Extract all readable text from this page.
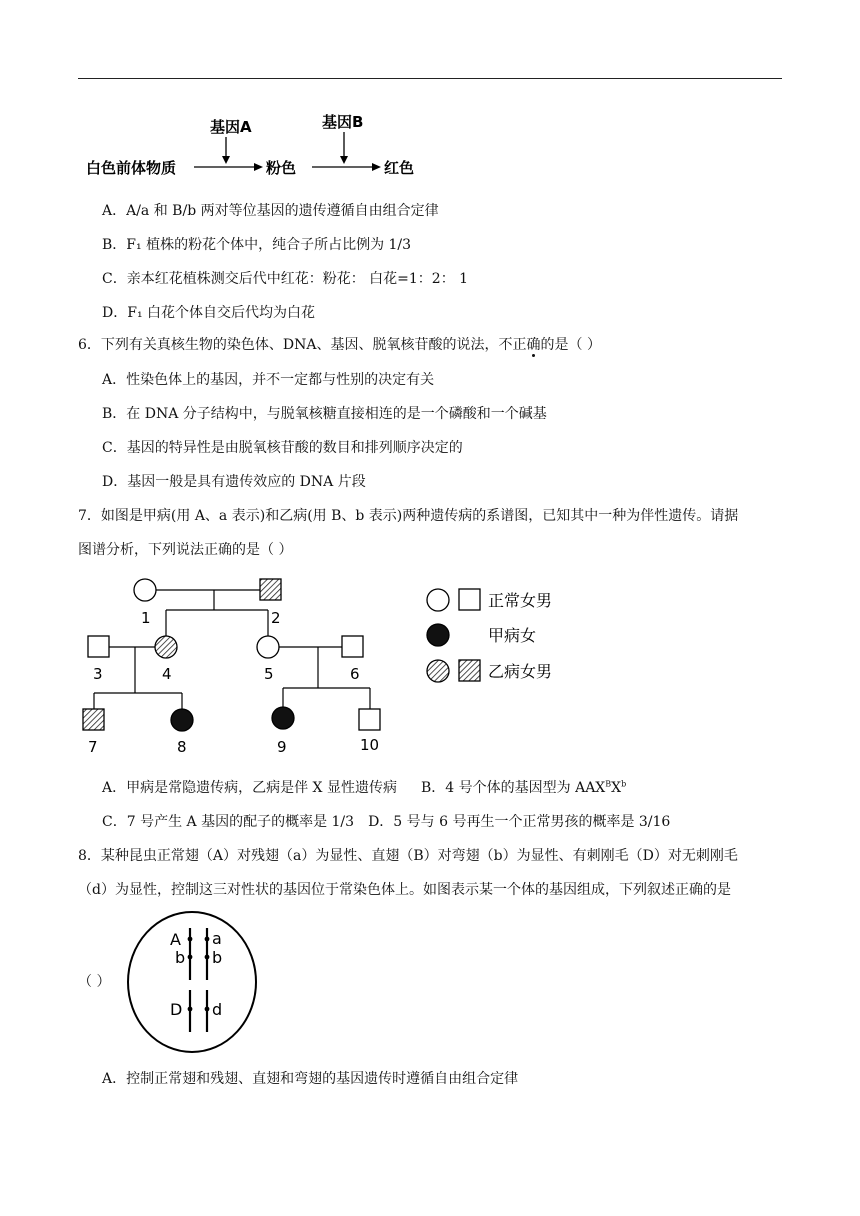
基因A	基因B
白色前体物质	粉色	红色
A．A/a 和 B/b 两对等位基因的遗传遵循自由组合定律
B．F₁ 植株的粉花个体中，纯合子所占比例为 1/3
C．亲本红花植株测交后代中红花：粉花： 白花=1：2： 1
D．F₁ 白花个体自交后代均为白花
6．下列有关真核生物的染色体、DNA、基因、脱氧核苷酸的说法，不正确的是（ ）
A．性染色体上的基因，并不一定都与性别的决定有关
B．在 DNA 分子结构中，与脱氧核糖直接相连的是一个磷酸和一个碱基
C．基因的特异性是由脱氧核苷酸的数目和排列顺序决定的
D．基因一般是具有遗传效应的 DNA 片段
7．如图是甲病(用 A、a 表示)和乙病(用 B、b 表示)两种遗传病的系谱图，已知其中一种为伴性遗传。请据
图谱分析，下列说法正确的是（ ）
1	2
3	4	5	6
7	8	9	10
正常女男
甲病女
乙病女男
A．甲病是常隐遗传病，乙病是伴 X 显性遗传病 B．4 号个体的基因型为 $AAX^BX^b$
C．7 号产生 A 基因的配子的概率是 1/3 D．5 号与 6 号再生一个正常男孩的概率是 3/16
8．某种昆虫正常翅（A）对残翅（a）为显性、直翅（B）对弯翅（b）为显性、有刺刚毛（D）对无刺刚毛
（d）为显性，控制这三对性状的基因位于常染色体上。如图表示某一个体的基因组成，下列叙述正确的是
（ ）
A a
b b
D d
A．控制正常翅和残翅、直翅和弯翅的基因遗传时遵循自由组合定律
